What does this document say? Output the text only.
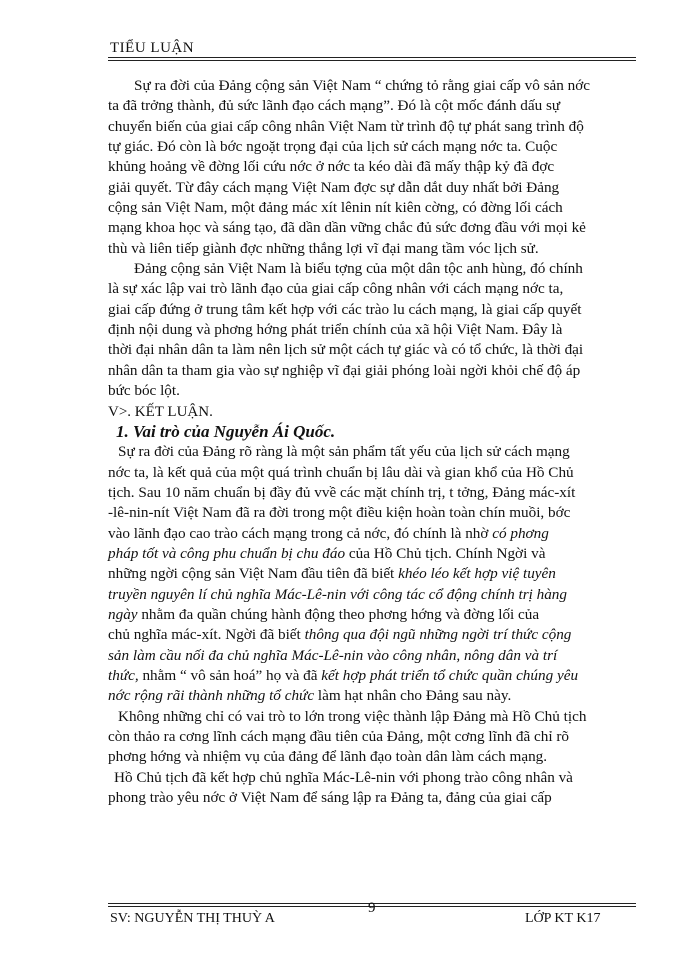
TIỂU LUẬN
Sự ra đời của Đảng cộng sản Việt Nam “ chứng tỏ rằng giai cấp vô sản nớc
ta đã trởng thành, đủ sức lãnh đạo cách mạng”. Đó là cột mốc đánh dấu sự
chuyển biến của giai cấp công nhân Việt Nam từ trình độ tự phát sang trình độ
tự giác. Đó còn là bớc ngoặt trọng đại của lịch sử cách mạng nớc ta. Cuộc
khủng hoảng về đờng lối cứu nớc ở nớc ta kéo dài đã mấy thập kỷ đã đợc
giải quyết. Từ đây cách mạng Việt Nam đợc sự dẫn dắt duy nhất bởi Đảng
cộng sản Việt Nam, một đảng mác xít lênin nít kiên cờng, có đờng lối cách
mạng khoa học và sáng tạo, đã dần dần vững chắc đủ sức đơng đầu với mọi kẻ
thù và liên tiếp giành đợc những thắng lợi vĩ đại mang tầm vóc lịch sử.
Đảng cộng sản Việt Nam là biểu tợng của một dân tộc anh hùng, đó chính
là sự xác lập vai trò lãnh đạo của giai cấp công nhân với cách mạng nớc ta,
giai cấp đứng ở trung tâm kết hợp với các trào lu cách mạng, là giai cấp quyết
định nội dung và phơng hớng phát triển chính của xã hội Việt Nam. Đây là
thời đại nhân dân ta làm nên lịch sử một cách tự giác và có tổ chức, là thời đại
nhân dân ta tham gia vào sự nghiệp vĩ đại giải phóng loài ngời khỏi chế độ áp
bức bóc lột.
V>. KẾT LUẬN.
1. Vai trò của Nguyễn Ái Quốc.
Sự ra đời của Đảng rõ ràng là một sản phẩm tất yếu của lịch sử cách mạng
nớc ta, là kết quả của một quá trình chuẩn bị lâu dài và gian khổ của Hồ Chủ
tịch. Sau 10 năm chuẩn bị đầy đủ vvề các mặt chính trị, t tởng, Đảng mác-xít
-lê-nin-nít Việt Nam đã ra đời trong một điều kiện hoàn toàn chín muồi, bớc
vào lãnh đạo cao trào cách mạng trong cả nớc, đó chính là nhờ có phơng
pháp tốt và công phu chuẩn bị chu đáo của Hồ Chủ tịch. Chính Ngời và
những ngời cộng sản Việt Nam đầu tiên đã biết khéo léo kết hợp việ tuyên
truyền nguyên lí chủ nghĩa Mác-Lê-nin với công tác cổ động chính trị hàng
ngày nhằm đa quần chúng hành động theo phơng hớng và đờng lối của
chủ nghĩa mác-xít. Ngời đã biết thông qua đội ngũ những ngời trí thức cộng
sản làm cầu nối đa chủ nghĩa Mác-Lê-nin vào công nhân, nông dân và trí
thức, nhằm “ vô sản hoá” họ và đã kết hợp phát triển tổ chức quần chúng yêu
nớc rộng rãi thành những tổ chức làm hạt nhân cho Đảng sau này.
Không những chỉ có vai trò to lớn trong việc thành lập Đảng mà Hồ Chủ tịch
còn thảo ra cơng lĩnh cách mạng đầu tiên của Đảng, một cơng lĩnh đã chỉ rõ
phơng hớng và nhiệm vụ của đảng để lãnh đạo toàn dân làm cách mạng.
Hồ Chủ tịch đã kết hợp chủ nghĩa Mác-Lê-nin với phong trào công nhân và
phong trào yêu nớc ở Việt Nam để sáng lập ra Đảng ta, đảng của giai cấp
9
SV: NGUYỄN THỊ THUỲ A	LỚP KT K17
